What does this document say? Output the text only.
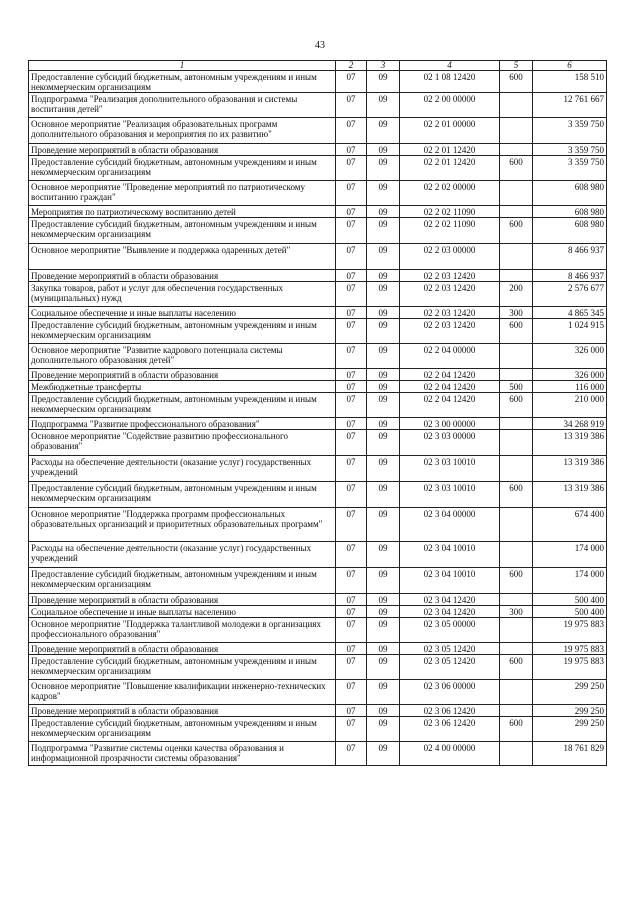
43
1	2	3	4	5	6
Предоставление субсидий бюджетным, автономным учреждениям и иным некоммерческим организациям	07	09	02 1 08 12420	600	158 510
Подпрограмма "Реализация дополнительного образования и системы воспитания детей"	07	09	02 2 00 00000		12 761 667
Основное мероприятие "Реализация образовательных программ дополнительного образования и мероприятия по их развитию"	07	09	02 2 01 00000		3 359 750
Проведение мероприятий в области образования	07	09	02 2 01 12420		3 359 750
Предоставление субсидий бюджетным, автономным учреждениям и иным некоммерческим организациям	07	09	02 2 01 12420	600	3 359 750
Основное мероприятие "Проведение мероприятий по патриотическому воспитанию граждан"	07	09	02 2 02 00000		608 980
Мероприятия по патриотическому воспитанию детей	07	09	02 2 02 11090		608 980
Предоставление субсидий бюджетным, автономным учреждениям и иным некоммерческим организациям	07	09	02 2 02 11090	600	608 980
Основное мероприятие "Выявление и поддержка одаренных детей"	07	09	02 2 03 00000		8 466 937
Проведение мероприятий в области образования	07	09	02 2 03 12420		8 466 937
Закупка товаров, работ и услуг для обеспечения государственных (муниципальных) нужд	07	09	02 2 03 12420	200	2 576 677
Социальное обеспечение и иные выплаты населению	07	09	02 2 03 12420	300	4 865 345
Предоставление субсидий бюджетным, автономным учреждениям и иным некоммерческим организациям	07	09	02 2 03 12420	600	1 024 915
Основное мероприятие "Развитие кадрового потенциала системы дополнительного образования детей"	07	09	02 2 04 00000		326 000
Проведение мероприятий в области образования	07	09	02 2 04 12420		326 000
Межбюджетные трансферты	07	09	02 2 04 12420	500	116 000
Предоставление субсидий бюджетным, автономным учреждениям и иным некоммерческим организациям	07	09	02 2 04 12420	600	210 000
Подпрограмма "Развитие профессионального образования"	07	09	02 3 00 00000		34 268 919
Основное мероприятие "Содействие развитию профессионального образования"	07	09	02 3 03 00000		13 319 386
Расходы на обеспечение деятельности (оказание услуг) государственных учреждений	07	09	02 3 03 10010		13 319 386
Предоставление субсидий бюджетным, автономным учреждениям и иным некоммерческим организациям	07	09	02 3 03 10010	600	13 319 386
Основное мероприятие "Поддержка программ профессиональных образовательных организаций и приоритетных образовательных программ"	07	09	02 3 04 00000		674 400
Расходы на обеспечение деятельности (оказание услуг) государственных учреждений	07	09	02 3 04 10010		174 000
Предоставление субсидий бюджетным, автономным учреждениям и иным некоммерческим организациям	07	09	02 3 04 10010	600	174 000
Проведение мероприятий в области образования	07	09	02 3 04 12420		500 400
Социальное обеспечение и иные выплаты населению	07	09	02 3 04 12420	300	500 400
Основное мероприятие "Поддержка талантливой молодежи в организациях профессионального образования"	07	09	02 3 05 00000		19 975 883
Проведение мероприятий в области образования	07	09	02 3 05 12420		19 975 883
Предоставление субсидий бюджетным, автономным учреждениям и иным некоммерческим организациям	07	09	02 3 05 12420	600	19 975 883
Основное мероприятие "Повышение квалификации инженерно-технических кадров"	07	09	02 3 06 00000		299 250
Проведение мероприятий в области образования	07	09	02 3 06 12420		299 250
Предоставление субсидий бюджетным, автономным учреждениям и иным некоммерческим организациям	07	09	02 3 06 12420	600	299 250
Подпрограмма "Развитие системы оценки качества образования и информационной прозрачности системы образования"	07	09	02 4 00 00000		18 761 829
